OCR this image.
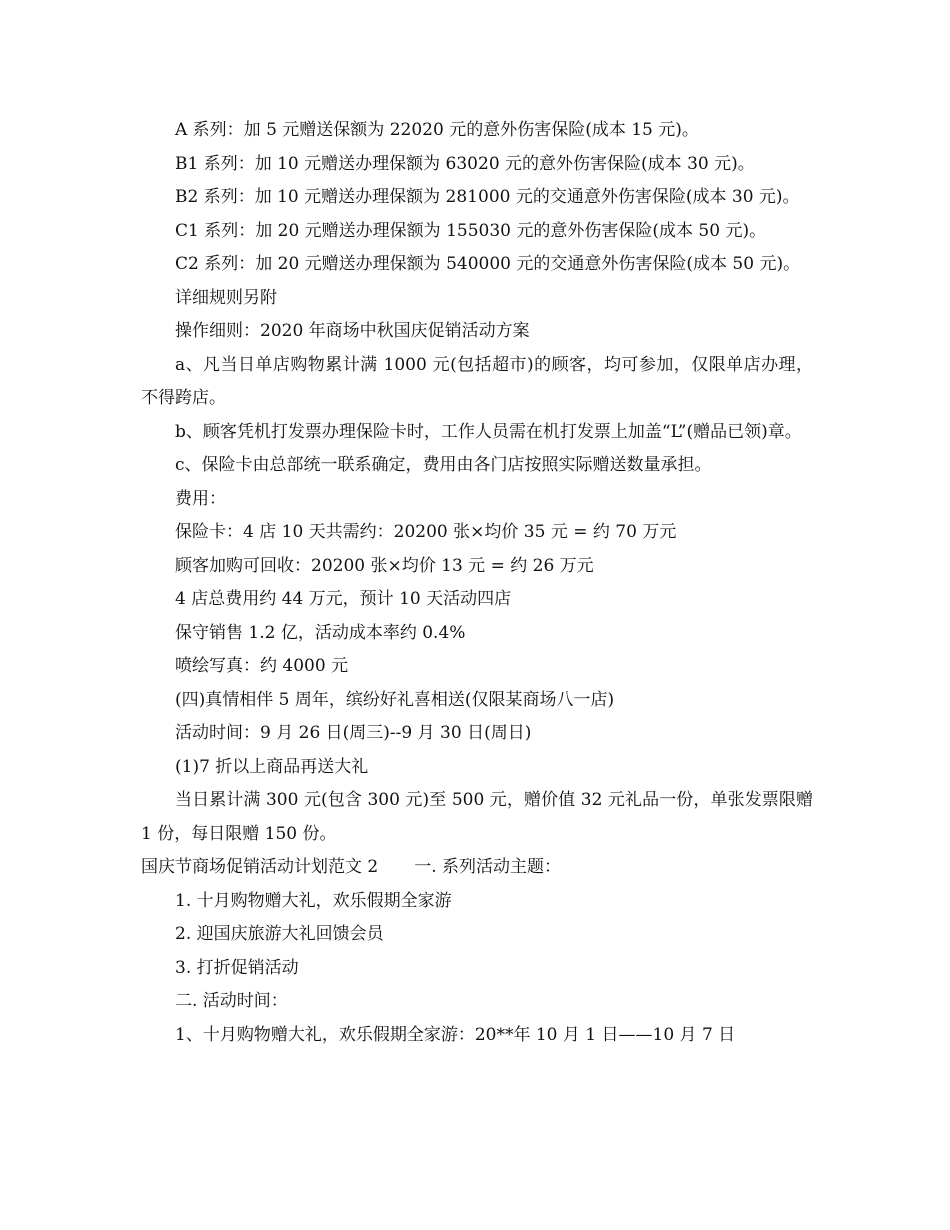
A 系列：加 5 元赠送保额为 22020 元的意外伤害保险(成本 15 元)。

B1 系列：加 10 元赠送办理保额为 63020 元的意外伤害保险(成本 30 元)。

B2 系列：加 10 元赠送办理保额为 281000 元的交通意外伤害保险(成本 30 元)。

C1 系列：加 20 元赠送办理保额为 155030 元的意外伤害保险(成本 50 元)。

C2 系列：加 20 元赠送办理保额为 540000 元的交通意外伤害保险(成本 50 元)。

详细规则另附

操作细则：2020 年商场中秋国庆促销活动方案

a、凡当日单店购物累计满 1000 元(包括超市)的顾客，均可参加，仅限单店办理，不得跨店。

b、顾客凭机打发票办理保险卡时，工作人员需在机打发票上加盖“L”(赠品已领)章。

c、保险卡由总部统一联系确定，费用由各门店按照实际赠送数量承担。

费用：

保险卡：4 店 10 天共需约：20200 张×均价 35 元 = 约 70 万元

顾客加购可回收：20200 张×均价 13 元 = 约 26 万元

4 店总费用约 44 万元，预计 10 天活动四店

保守销售 1.2 亿，活动成本率约 0.4%

喷绘写真：约 4000 元

(四)真情相伴 5 周年，缤纷好礼喜相送(仅限某商场八一店)

活动时间：9 月 26 日(周三)--9 月 30 日(周日)

(1)7 折以上商品再送大礼

当日累计满 300 元(包含 300 元)至 500 元，赠价值 32 元礼品一份，单张发票限赠 1 份，每日限赠 150 份。

国庆节商场促销活动计划范文 2 一. 系列活动主题：

1. 十月购物赠大礼，欢乐假期全家游

2. 迎国庆旅游大礼回馈会员

3. 打折促销活动

二. 活动时间：

1、十月购物赠大礼，欢乐假期全家游：20**年 10 月 1 日——10 月 7 日
